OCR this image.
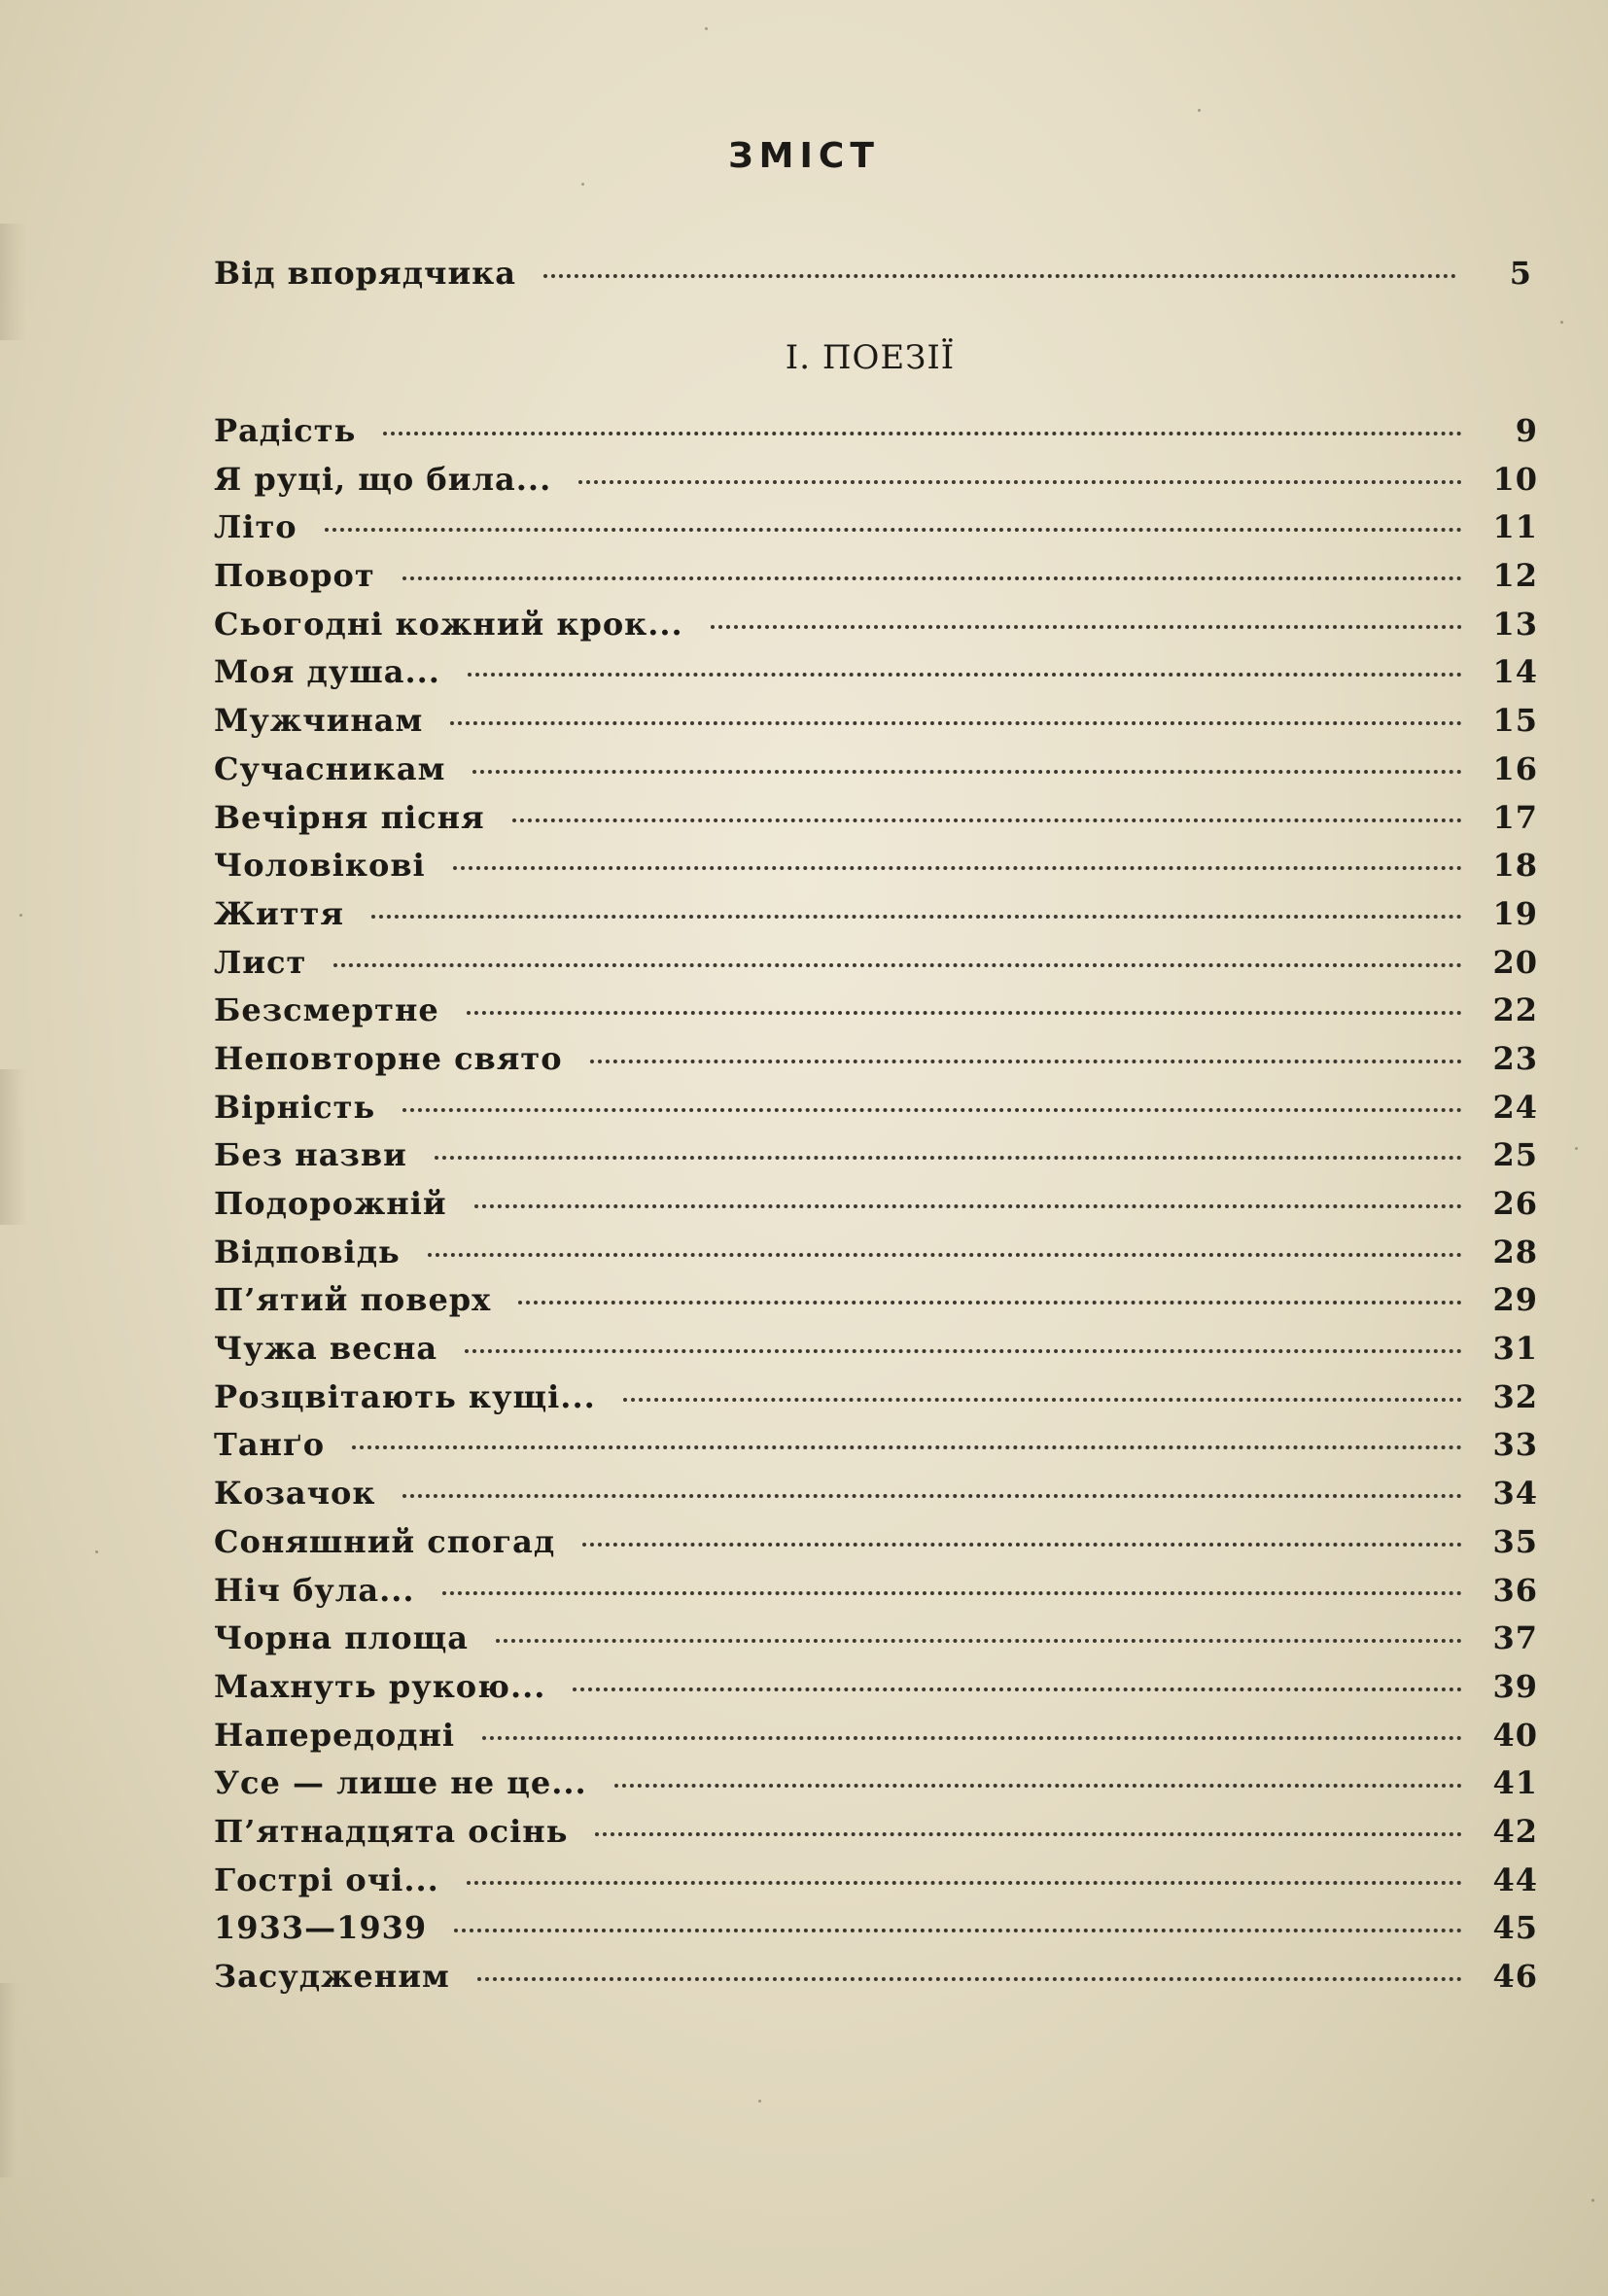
ЗМІСТ
Від впорядчика	5
І. ПОЕЗІЇ
Радість	9
Я руці, що била...	10
Літо	11
Поворот	12
Сьогодні кожний крок...	13
Моя душа...	14
Мужчинам	15
Сучасникам	16
Вечірня пісня	17
Чоловікові	18
Життя	19
Лист	20
Безсмертне	22
Неповторне свято	23
Вірність	24
Без назви	25
Подорожній	26
Відповідь	28
П’ятий поверх	29
Чужа весна	31
Розцвітають кущі...	32
Танґо	33
Козачок	34
Соняшний спогад	35
Ніч була...	36
Чорна площа	37
Махнуть рукою...	39
Напередодні	40
Усе — лише не це...	41
П’ятнадцята осінь	42
Гострі очі...	44
1933—1939	45
Засудженим	46
